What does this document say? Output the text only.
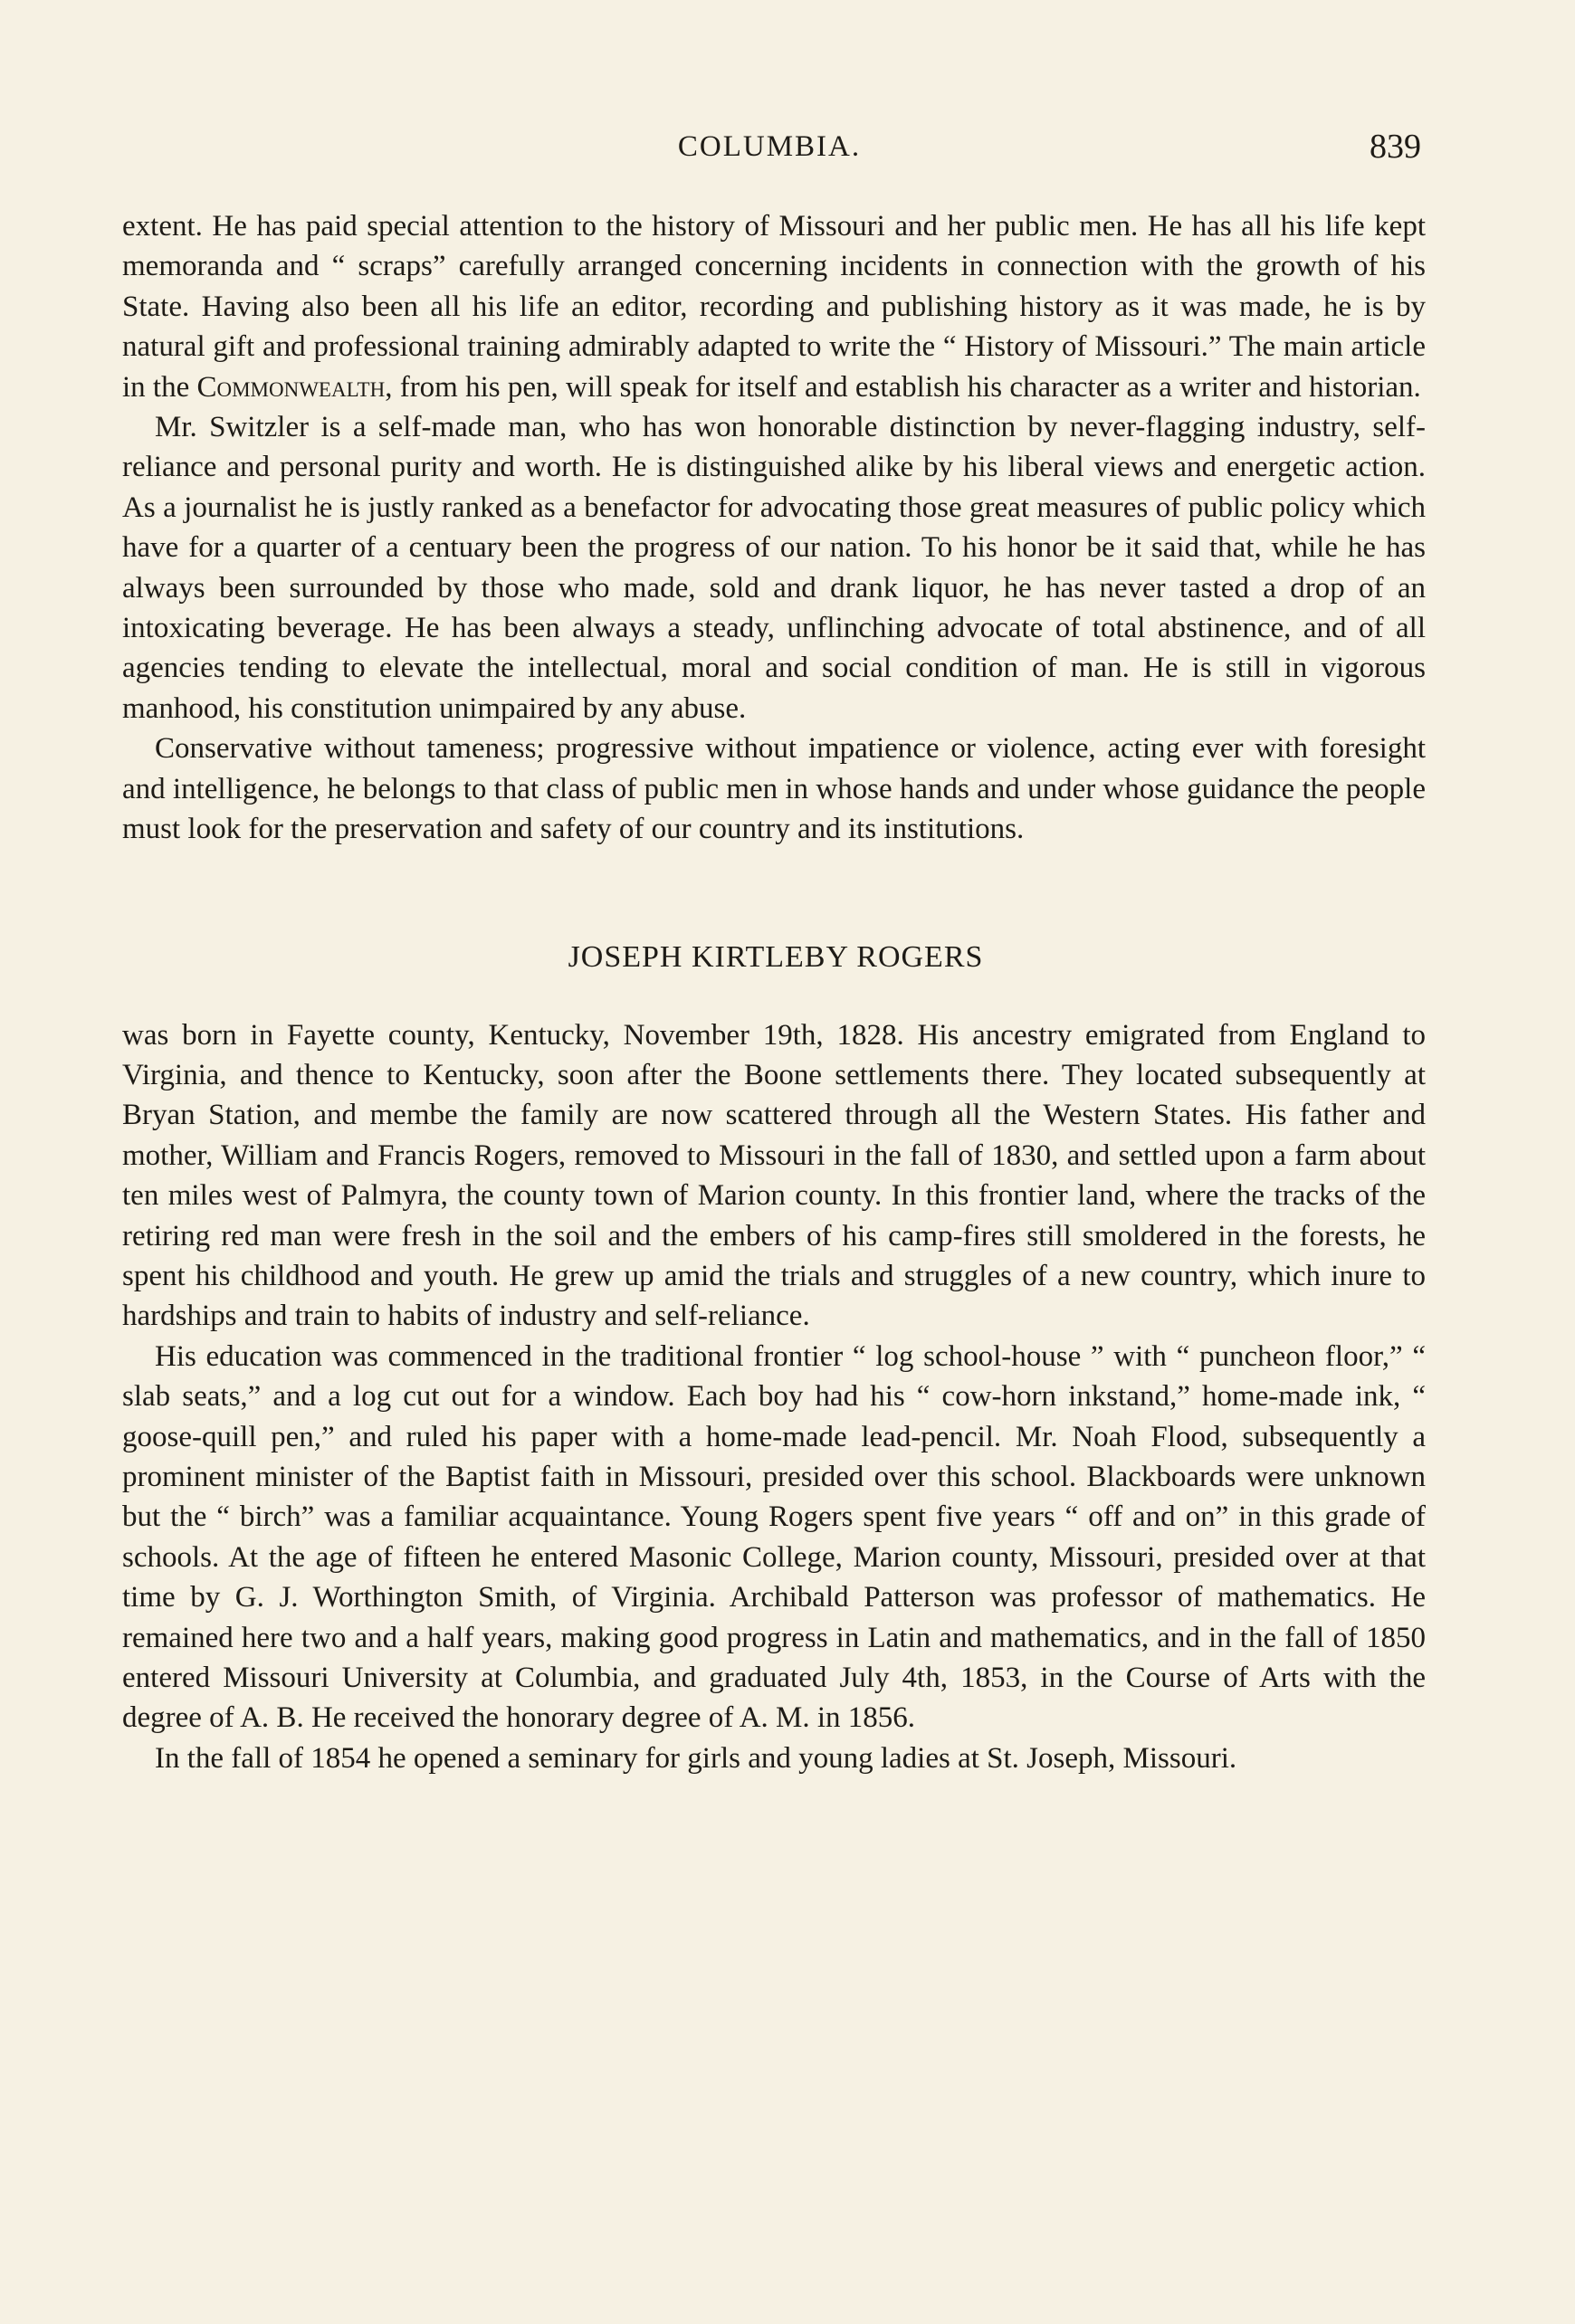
COLUMBIA.	839

extent. He has paid special attention to the history of Missouri and her public men. He has all his life kept memoranda and “ scraps” carefully arranged concerning incidents in connection with the growth of his State. Having also been all his life an editor, recording and publishing history as it was made, he is by natural gift and professional training admirably adapted to write the “ History of Missouri.” The main article in the Commonwealth, from his pen, will speak for itself and establish his character as a writer and historian.

Mr. Switzler is a self-made man, who has won honorable distinction by never-flagging industry, self-reliance and personal purity and worth. He is distinguished alike by his liberal views and energetic action. As a journalist he is justly ranked as a benefactor for advocating those great measures of public policy which have for a quarter of a centuary been the progress of our nation. To his honor be it said that, while he has always been surrounded by those who made, sold and drank liquor, he has never tasted a drop of an intoxicating beverage. He has been always a steady, unflinching advocate of total abstinence, and of all agencies tending to elevate the intellectual, moral and social condition of man. He is still in vigorous manhood, his constitution unimpaired by any abuse.

Conservative without tameness; progressive without impatience or violence, acting ever with foresight and intelligence, he belongs to that class of public men in whose hands and under whose guidance the people must look for the preservation and safety of our country and its institutions.

JOSEPH KIRTLEBY ROGERS

was born in Fayette county, Kentucky, November 19th, 1828. His ancestry emigrated from England to Virginia, and thence to Kentucky, soon after the Boone settlements there. They located subsequently at Bryan Station, and membe the family are now scattered through all the Western States. His father and mother, William and Francis Rogers, removed to Missouri in the fall of 1830, and settled upon a farm about ten miles west of Palmyra, the county town of Marion county. In this frontier land, where the tracks of the retiring red man were fresh in the soil and the embers of his camp-fires still smoldered in the forests, he spent his childhood and youth. He grew up amid the trials and struggles of a new country, which inure to hardships and train to habits of industry and self-reliance.

His education was commenced in the traditional frontier “ log school-house ” with “ puncheon floor,” “ slab seats,” and a log cut out for a window. Each boy had his “ cow-horn inkstand,” home-made ink, “ goose-quill pen,” and ruled his paper with a home-made lead-pencil. Mr. Noah Flood, subsequently a prominent minister of the Baptist faith in Missouri, presided over this school. Blackboards were unknown but the “ birch” was a familiar acquaintance. Young Rogers spent five years “ off and on” in this grade of schools. At the age of fifteen he entered Masonic College, Marion county, Missouri, presided over at that time by G. J. Worthington Smith, of Virginia. Archibald Patterson was professor of mathematics. He remained here two and a half years, making good progress in Latin and mathematics, and in the fall of 1850 entered Missouri University at Columbia, and graduated July 4th, 1853, in the Course of Arts with the degree of A. B. He received the honorary degree of A. M. in 1856.

In the fall of 1854 he opened a seminary for girls and young ladies at St. Joseph, Missouri.
